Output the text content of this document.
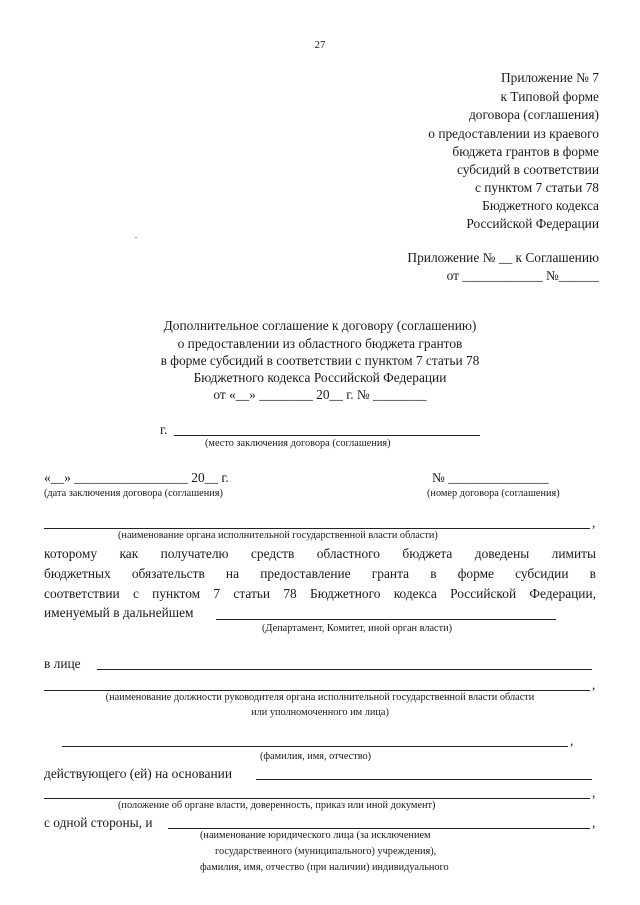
27
Приложение № 7
к Типовой форме
договора (соглашения)
о предоставлении из краевого
бюджета грантов в форме
субсидий в соответствии
с пунктом 7 статьи 78
Бюджетного кодекса
Российской Федерации
Приложение № __ к Соглашению
от ____________ №______
Дополнительное соглашение к договору (соглашению)
о предоставлении из областного бюджета грантов
в форме субсидий в соответствии с пунктом 7 статьи 78
Бюджетного кодекса Российской Федерации
от «__» ________ 20__ г. № ________
г.
(место заключения договора (соглашения)
«__» _________________ 20__ г.
(дата заключения договора (соглашения)
№ _______________
(номер договора (соглашения)
,
(наименование органа исполнительной государственной власти области)
которому как получателю средств областного бюджета доведены лимиты
бюджетных обязательств на предоставление гранта в форме субсидии в
соответствии с пунктом 7 статьи 78 Бюджетного кодекса Российской Федерации,
именуемый в дальнейшем
(Департамент, Комитет, иной орган власти)
в лице
,
(наименование должности руководителя органа исполнительной государственной власти области
или уполномоченного им лица)
,
(фамилия, имя, отчество)
действующего (ей) на основании
,
(положение об органе власти, доверенность, приказ или иной документ)
с одной стороны, и	,
(наименование юридического лица (за исключением
государственного (муниципального) учреждения),
фамилия, имя, отчество (при наличии) индивидуального
